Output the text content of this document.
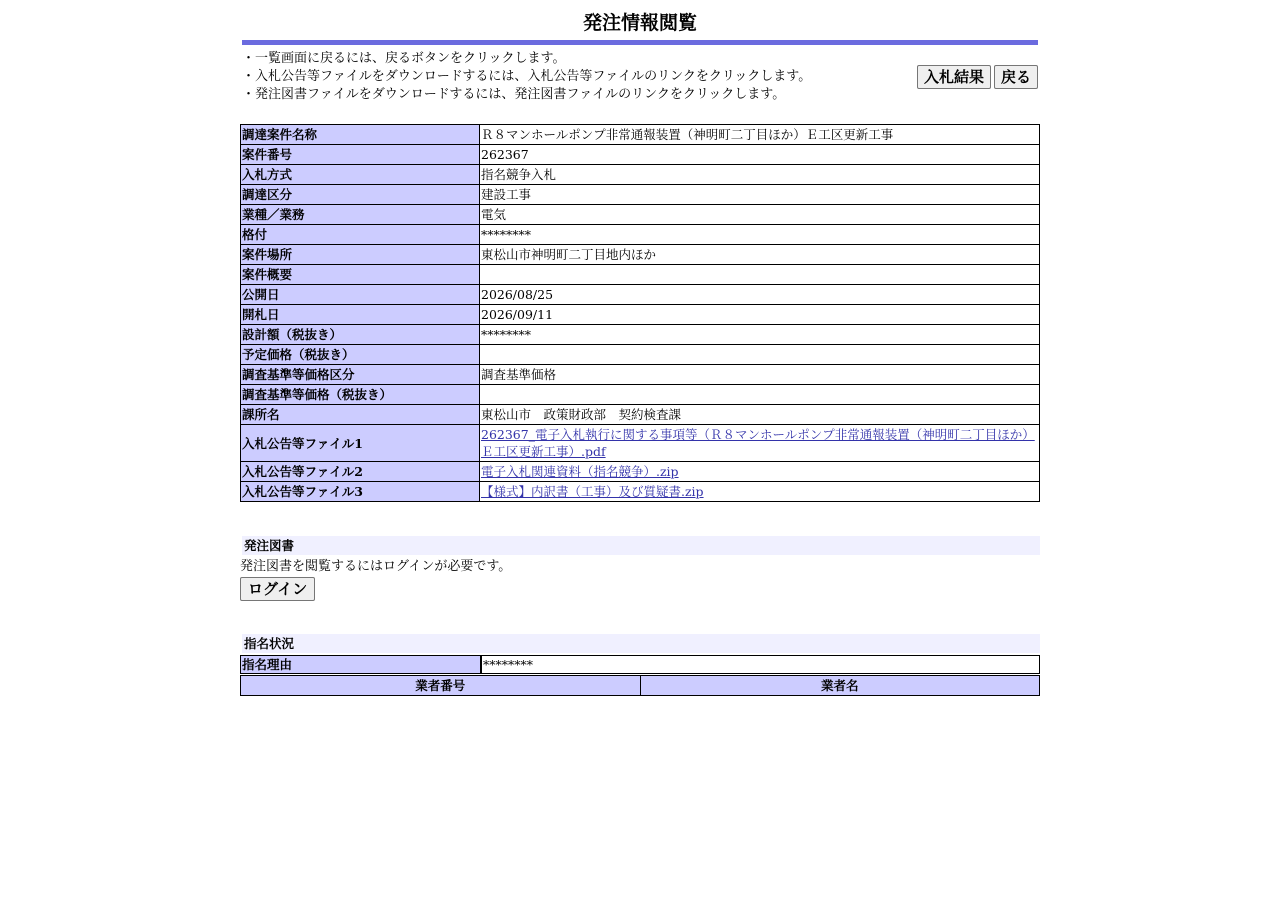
発注情報閲覧
・一覧画面に戻るには、戻るボタンをクリックします。
・入札公告等ファイルをダウンロードするには、入札公告等ファイルのリンクをクリックします。
・発注図書ファイルをダウンロードするには、発注図書ファイルのリンクをクリックします。
入札結果	戻る
調達案件名称	Ｒ８マンホールポンプ非常通報装置（神明町二丁目ほか）Ｅ工区更新工事
案件番号	262367
入札方式	指名競争入札
調達区分	建設工事
業種／業務	電気
格付	********
案件場所	東松山市神明町二丁目地内ほか
案件概要	
公開日	2026/08/25
開札日	2026/09/11
設計額（税抜き）	********
予定価格（税抜き）	
調査基準等価格区分	調査基準価格
調査基準等価格（税抜き）	
課所名	東松山市　政策財政部　契約検査課
入札公告等ファイル1	262367_電子入札執行に関する事項等（Ｒ８マンホールポンプ非常通報装置（神明町二丁目ほか）Ｅ工区更新工事）.pdf
入札公告等ファイル2	電子入札関連資料（指名競争）.zip
入札公告等ファイル3	【様式】内訳書（工事）及び質疑書.zip
発注図書
発注図書を閲覧するにはログインが必要です。
ログイン
指名状況
指名理由	********
業者番号	業者名
